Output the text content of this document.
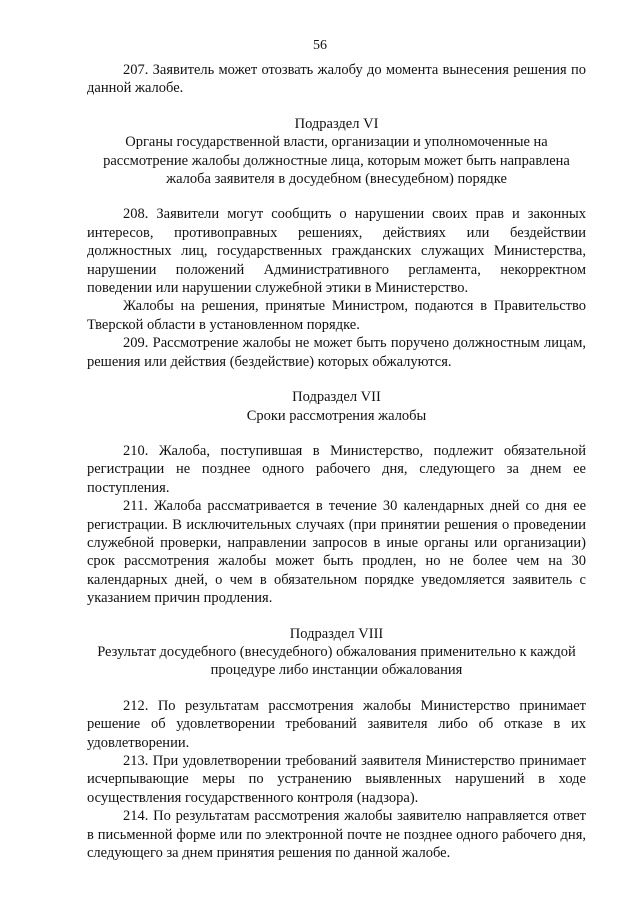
56

207. Заявитель может отозвать жалобу до момента вынесения решения по данной жалобе.

Подраздел VI

Органы государственной власти, организации и уполномоченные на рассмотрение жалобы должностные лица, которым может быть направлена жалоба заявителя в досудебном (внесудебном) порядке

208. Заявители могут сообщить о нарушении своих прав и законных интересов, противоправных решениях, действиях или бездействии должностных лиц, государственных гражданских служащих Министерства, нарушении положений Административного регламента, некорректном поведении или нарушении служебной этики в Министерство.

Жалобы на решения, принятые Министром, подаются в Правительство Тверской области в установленном порядке.

209. Рассмотрение жалобы не может быть поручено должностным лицам, решения или действия (бездействие) которых обжалуются.

Подраздел VII

Сроки рассмотрения жалобы

210. Жалоба, поступившая в Министерство, подлежит обязательной регистрации не позднее одного рабочего дня, следующего за днем ее поступления.

211. Жалоба рассматривается в течение 30 календарных дней со дня ее регистрации. В исключительных случаях (при принятии решения о проведении служебной проверки, направлении запросов в иные органы или организации) срок рассмотрения жалобы может быть продлен, но не более чем на 30 календарных дней, о чем в обязательном порядке уведомляется заявитель с указанием причин продления.

Подраздел VIII

Результат досудебного (внесудебного) обжалования применительно к каждой процедуре либо инстанции обжалования

212. По результатам рассмотрения жалобы Министерство принимает решение об удовлетворении требований заявителя либо об отказе в их удовлетворении.

213. При удовлетворении требований заявителя Министерство принимает исчерпывающие меры по устранению выявленных нарушений в ходе осуществления государственного контроля (надзора).

214. По результатам рассмотрения жалобы заявителю направляется ответ в письменной форме или по электронной почте не позднее одного рабочего дня, следующего за днем принятия решения по данной жалобе.
